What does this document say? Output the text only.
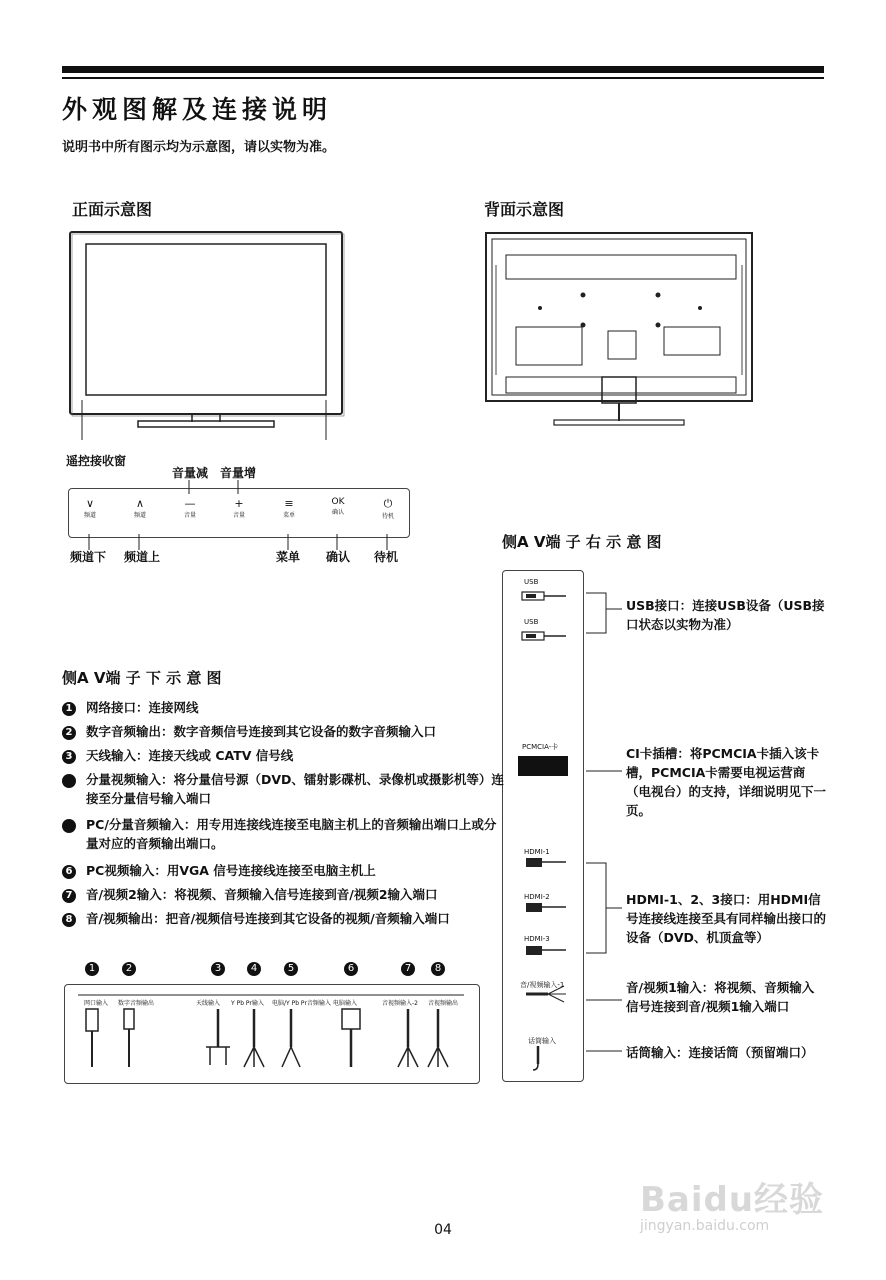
外观图解及连接说明
说明书中所有图示均为示意图，请以实物为准。
正面示意图
遥控接收窗
音量减 音量增
∨
频道
∧
频道
—
音量
+
音量
≡
菜单
OK
确认
⏻
待机
频道下 频道上	菜单 确认 待机
背面示意图
侧A V端 子 右 示 意 图
USB
USB
PCMCIA-卡
HDMI-1
HDMI-2
HDMI-3
音/视频输入-1
话筒输入
USB接口：连接USB设备（USB接口状态以实物为准）
CI卡插槽：将PCMCIA卡插入该卡槽，PCMCIA卡需要电视运营商（电视台）的支持，详细说明见下一页。
HDMI-1、2、3接口：用HDMI信号连接线连接至具有同样输出接口的设备（DVD、机顶盒等）
音/视频1输入：将视频、音频输入信号连接到音/视频1输入端口
话筒输入：连接话筒（预留端口）
侧A V端 子 下 示 意 图
1 网络接口：连接网线
2 数字音频输出：数字音频信号连接到其它设备的数字音频输入口
3 天线输入：连接天线或 CATV 信号线
4 分量视频输入：将分量信号源（DVD、镭射影碟机、录像机或摄影机等）连接至分量信号输入端口
5 PC/分量音频输入：用专用连接线连接至电脑主机上的音频输出端口上或分量对应的音频输出端口。
6 PC视频输入：用VGA 信号连接线连接至电脑主机上
7 音/视频2输入：将视频、音频输入信号连接到音/视频2输入端口
8 音/视频输出：把音/视频信号连接到其它设备的视频/音频输入端口
1	2	3	4	5	6	7	8
网口输入 数字音频输出	天线输入 Y Pb Pr输入 电脑/Y Pb Pr音频输入 电脑输入	音视频输入-2 音视频输出
04
Baidu经验
jingyan.baidu.com
